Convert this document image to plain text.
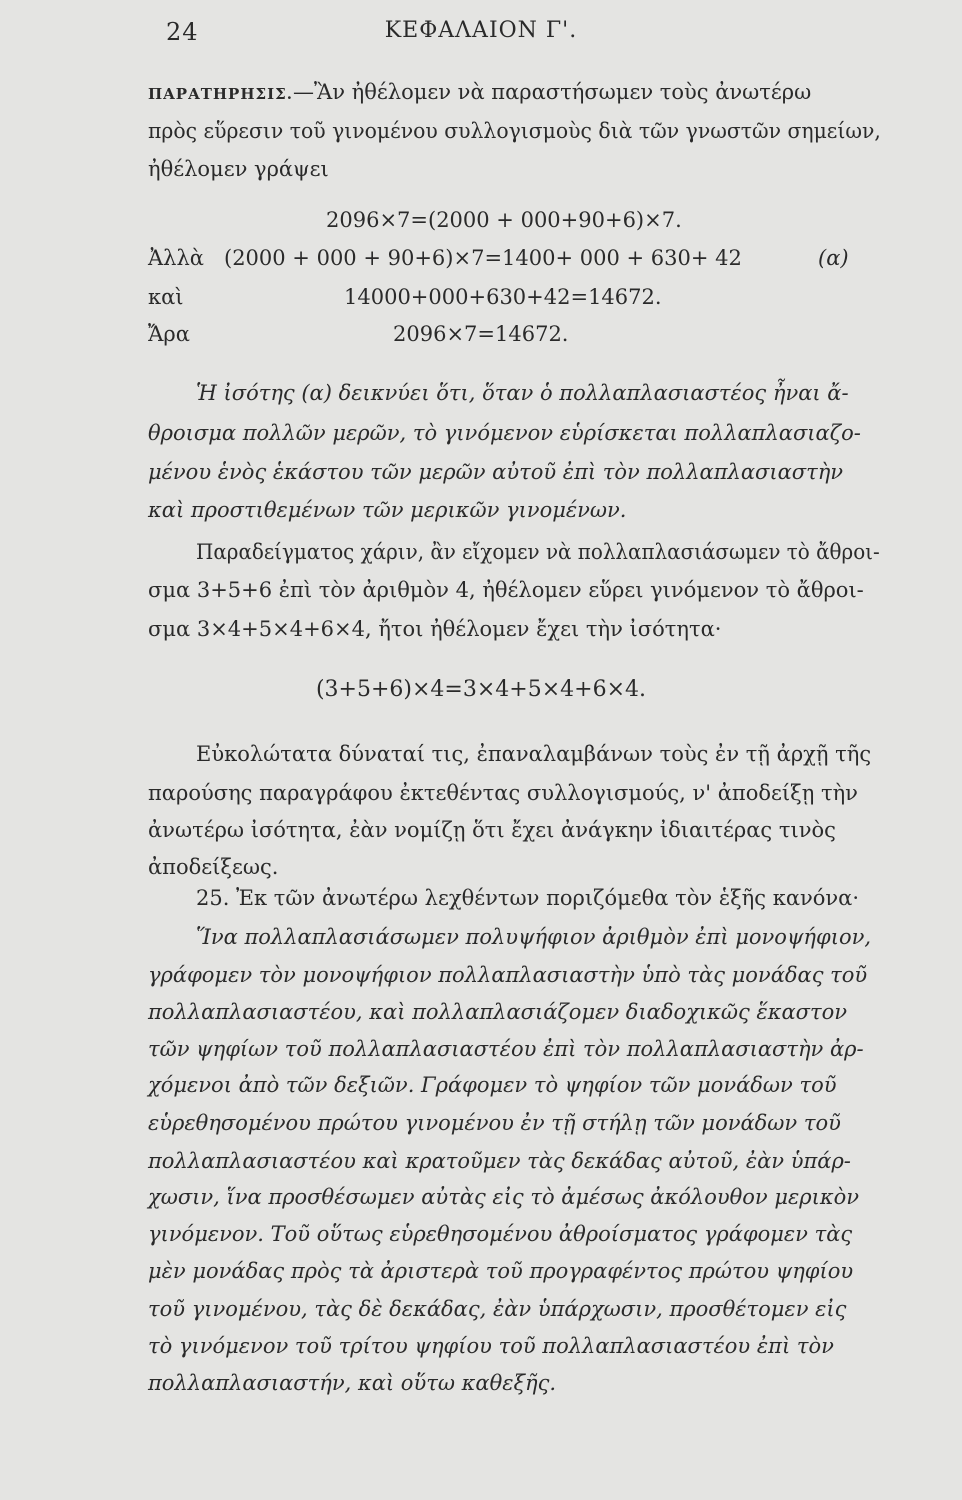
24	ΚΕΦΑΛΑΙΟΝ Γ'.
ΠΑΡΑΤΗΡΗΣΙΣ.—Ἂν ἠθέλομεν νὰ παραστήσωμεν τοὺς ἀνωτέρω
πρὸς εὕρεσιν τοῦ γινομένου συλλογισμοὺς διὰ τῶν γνωστῶν σημείων,
ἠθέλομεν γράψει
2096×7=(2000 + 000+90+6)×7.
Ἀλλὰ (2000 + 000 + 90+6)×7=1400+ 000 + 630+ 42	(α)
καὶ	14000+000+630+42=14672.
Ἄρα	2096×7=14672.
Ἡ ἰσότης (α) δεικνύει ὅτι, ὅταν ὁ πολλαπλασιαστέος ἦναι ἄ-
θροισμα πολλῶν μερῶν, τὸ γινόμενον εὑρίσκεται πολλαπλασιαζο-
μένου ἑνὸς ἑκάστου τῶν μερῶν αὐτοῦ ἐπὶ τὸν πολλαπλασιαστὴν
καὶ προστιθεμένων τῶν μερικῶν γινομένων.
Παραδείγματος χάριν, ἂν εἴχομεν νὰ πολλαπλασιάσωμεν τὸ ἄθροι-
σμα 3+5+6 ἐπὶ τὸν ἀριθμὸν 4, ἠθέλομεν εὕρει γινόμενον τὸ ἄθροι-
σμα 3×4+5×4+6×4, ἤτοι ἠθέλομεν ἔχει τὴν ἰσότητα·
(3+5+6)×4=3×4+5×4+6×4.
Εὐκολώτατα δύναταί τις, ἐπαναλαμβάνων τοὺς ἐν τῇ ἀρχῇ τῆς
παρούσης παραγράφου ἐκτεθέντας συλλογισμούς, ν' ἀποδείξῃ τὴν
ἀνωτέρω ἰσότητα, ἐὰν νομίζῃ ὅτι ἔχει ἀνάγκην ἰδιαιτέρας τινὸς
ἀποδείξεως.
25. Ἐκ τῶν ἀνωτέρω λεχθέντων ποριζόμεθα τὸν ἑξῆς κανόνα·
Ἵνα πολλαπλασιάσωμεν πολυψήφιον ἀριθμὸν ἐπὶ μονοψήφιον,
γράφομεν τὸν μονοψήφιον πολλαπλασιαστὴν ὑπὸ τὰς μονάδας τοῦ
πολλαπλασιαστέου, καὶ πολλαπλασιάζομεν διαδοχικῶς ἕκαστον
τῶν ψηφίων τοῦ πολλαπλασιαστέου ἐπὶ τὸν πολλαπλασιαστὴν ἀρ-
χόμενοι ἀπὸ τῶν δεξιῶν. Γράφομεν τὸ ψηφίον τῶν μονάδων τοῦ
εὑρεθησομένου πρώτου γινομένου ἐν τῇ στήλῃ τῶν μονάδων τοῦ
πολλαπλασιαστέου καὶ κρατοῦμεν τὰς δεκάδας αὐτοῦ, ἐὰν ὑπάρ-
χωσιν, ἵνα προσθέσωμεν αὐτὰς εἰς τὸ ἀμέσως ἀκόλουθον μερικὸν
γινόμενον. Τοῦ οὕτως εὑρεθησομένου ἀθροίσματος γράφομεν τὰς
μὲν μονάδας πρὸς τὰ ἀριστερὰ τοῦ προγραφέντος πρώτου ψηφίου
τοῦ γινομένου, τὰς δὲ δεκάδας, ἐὰν ὑπάρχωσιν, προσθέτομεν εἰς
τὸ γινόμενον τοῦ τρίτου ψηφίου τοῦ πολλαπλασιαστέου ἐπὶ τὸν
πολλαπλασιαστήν, καὶ οὕτω καθεξῆς.
